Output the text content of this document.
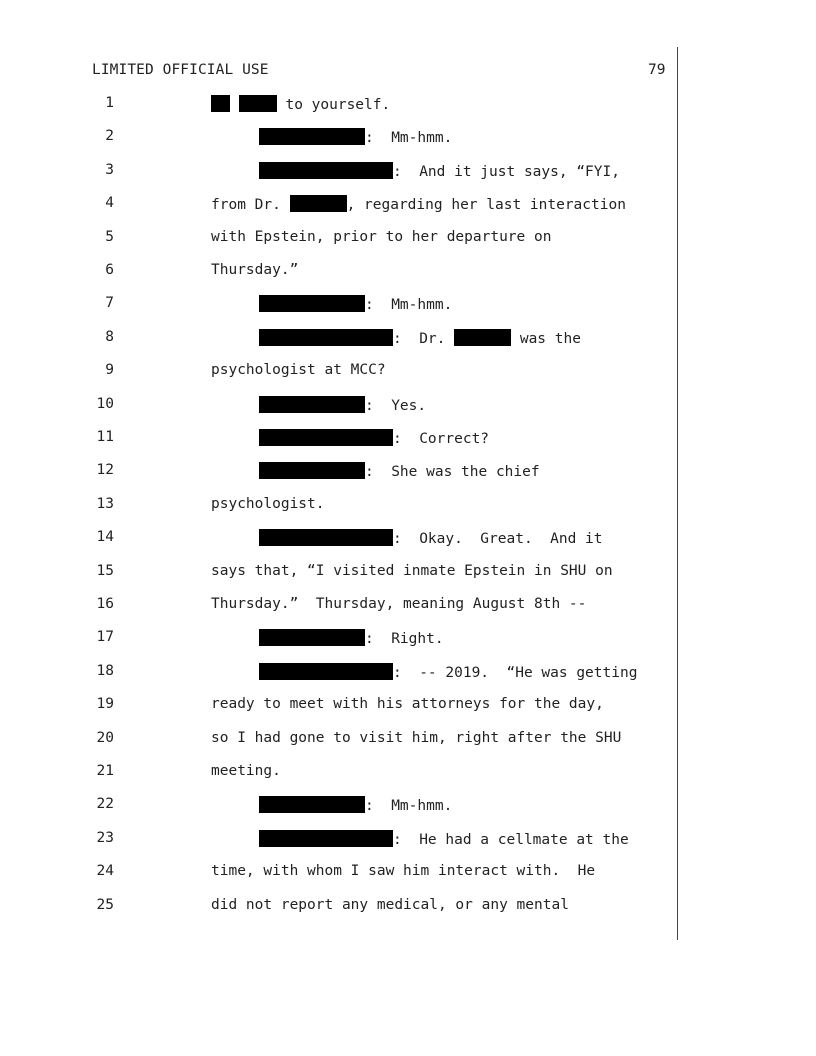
LIMITED OFFICIAL USE	79
1	to yourself.
2	:  Mm-hmm.
3	:  And it just says, “FYI,
4	from Dr.	, regarding her last interaction
5	with Epstein, prior to her departure on
6	Thursday.”
7	:  Mm-hmm.
8	:  Dr.	was the
9	psychologist at MCC?
10	:  Yes.
11	:  Correct?
12	:  She was the chief
13	psychologist.
14	:  Okay.  Great.  And it
15	says that, “I visited inmate Epstein in SHU on
16	Thursday.”  Thursday, meaning August 8th --
17	:  Right.
18	:  -- 2019.  “He was getting
19	ready to meet with his attorneys for the day,
20	so I had gone to visit him, right after the SHU
21	meeting.
22	:  Mm-hmm.
23	:  He had a cellmate at the
24	time, with whom I saw him interact with.  He
25	did not report any medical, or any mental
